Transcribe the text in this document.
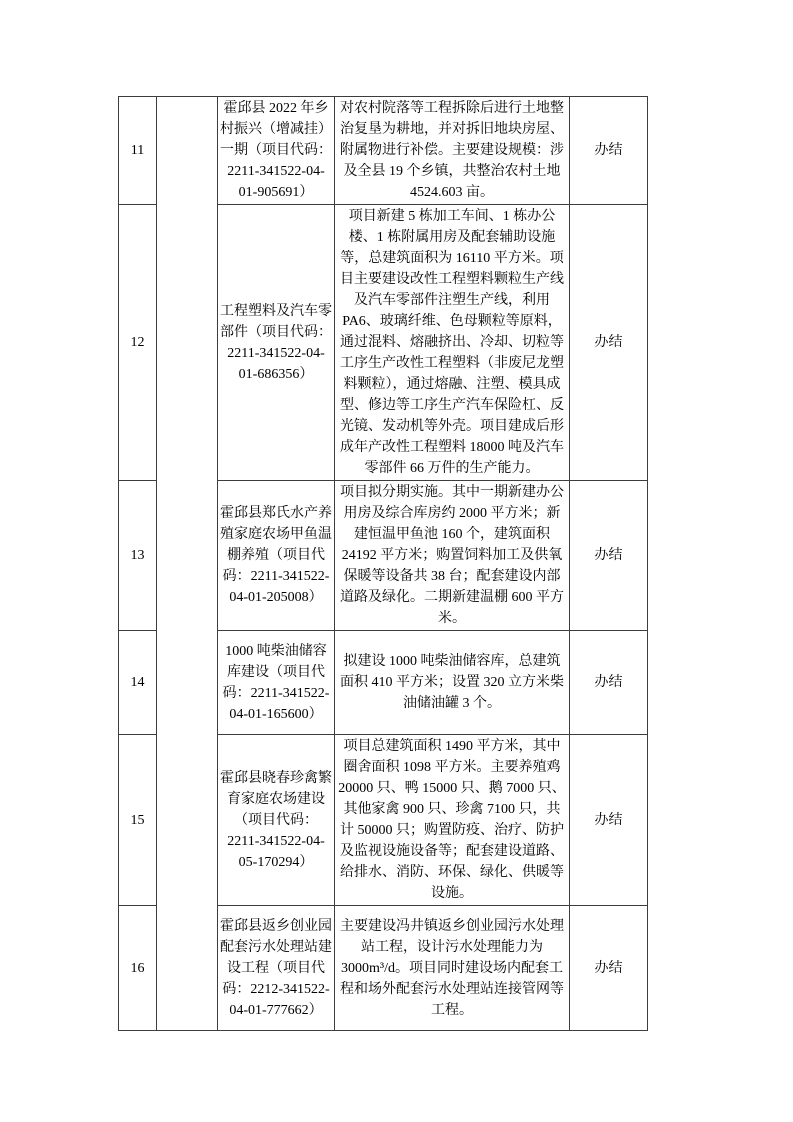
11		霍邱县 2022 年乡村振兴（增减挂）一期（项目代码：2211-341522-04-01-905691）	对农村院落等工程拆除后进行土地整治复垦为耕地，并对拆旧地块房屋、附属物进行补偿。主要建设规模：涉及全县 19 个乡镇，共整治农村土地 4524.603 亩。	办结
12		工程塑料及汽车零部件（项目代码：2211-341522-04-01-686356）	项目新建 5 栋加工车间、1 栋办公楼、1 栋附属用房及配套辅助设施等，总建筑面积为 16110 平方米。项目主要建设改性工程塑料颗粒生产线及汽车零部件注塑生产线，利用 PA6、玻璃纤维、色母颗粒等原料，通过混料、熔融挤出、冷却、切粒等工序生产改性工程塑料（非废尼龙塑料颗粒），通过熔融、注塑、模具成型、修边等工序生产汽车保险杠、反光镜、发动机等外壳。项目建成后形成年产改性工程塑料 18000 吨及汽车零部件 66 万件的生产能力。	办结
13		霍邱县郑氏水产养殖家庭农场甲鱼温棚养殖（项目代码：2211-341522-04-01-205008）	项目拟分期实施。其中一期新建办公用房及综合库房约 2000 平方米；新建恒温甲鱼池 160 个，建筑面积 24192 平方米；购置饲料加工及供氧保暖等设备共 38 台；配套建设内部道路及绿化。二期新建温棚 600 平方米。	办结
14		1000 吨柴油储容库建设（项目代码：2211-341522-04-01-165600）	拟建设 1000 吨柴油储容库，总建筑面积 410 平方米；设置 320 立方米柴油储油罐 3 个。	办结
15		霍邱县晓春珍禽繁育家庭农场建设（项目代码：2211-341522-04-05-170294）	项目总建筑面积 1490 平方米，其中圈舍面积 1098 平方米。主要养殖鸡 20000 只、鸭 15000 只、鹅 7000 只、其他家禽 900 只、珍禽 7100 只，共计 50000 只；购置防疫、治疗、防护及监视设施设备等；配套建设道路、给排水、消防、环保、绿化、供暖等设施。	办结
16		霍邱县返乡创业园配套污水处理站建设工程（项目代码：2212-341522-04-01-777662）	主要建设冯井镇返乡创业园污水处理站工程，设计污水处理能力为 3000m³/d。项目同时建设场内配套工程和场外配套污水处理站连接管网等工程。	办结
